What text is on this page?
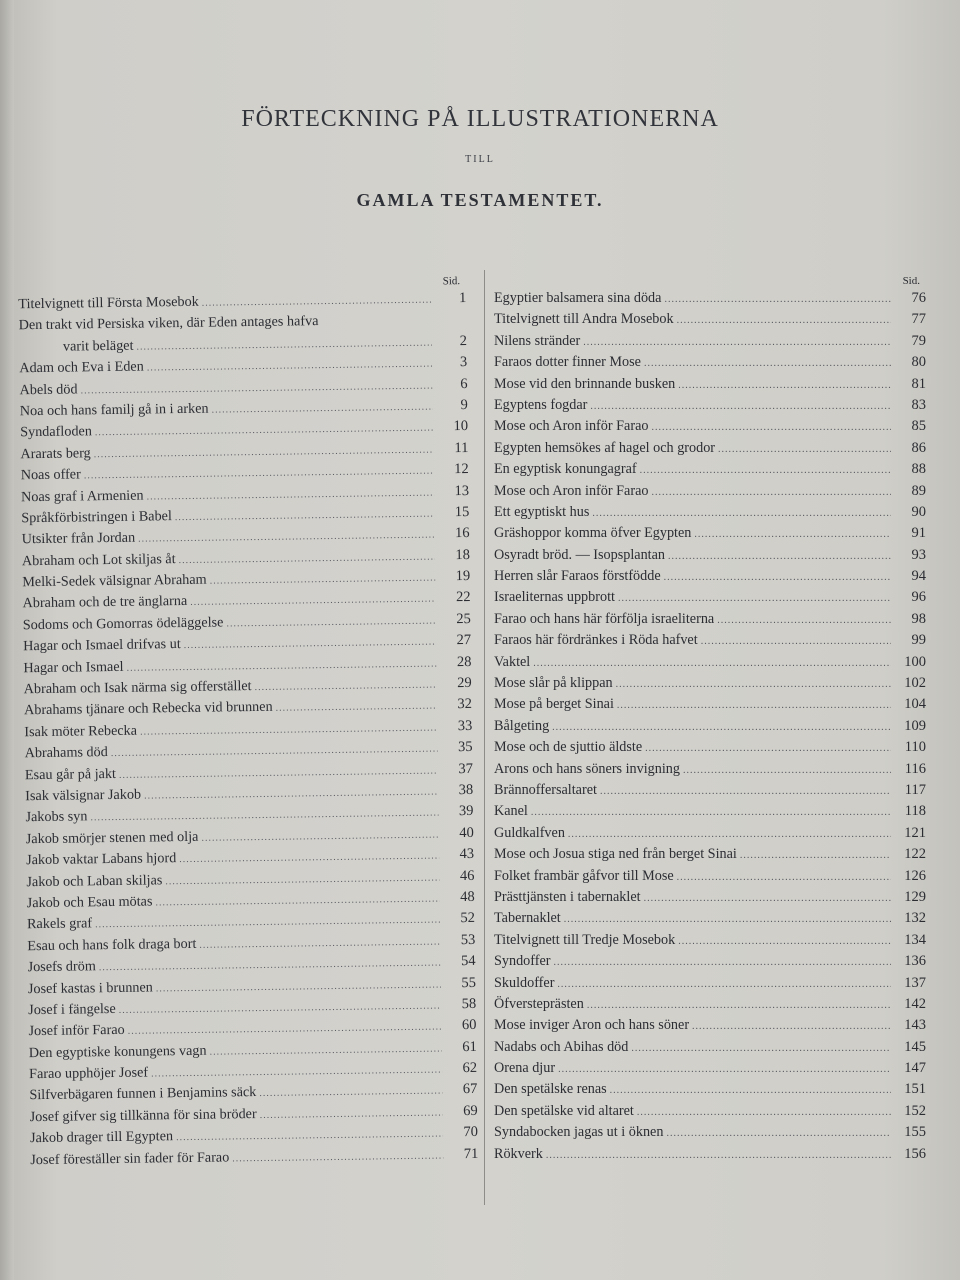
FÖRTECKNING PÅ ILLUSTRATIONERNA
TILL
GAMLA TESTAMENTET.
Sid.
Titelvignett till Första Mosebok .....	1
Den trakt vid Persiska viken, där Eden antages hafva
varit beläget .....	2
Adam och Eva i Eden .....	3
Abels död .....	6
Noa och hans familj gå in i arken .....	9
Syndafloden .....	10
Ararats berg .....	11
Noas offer .....	12
Noas graf i Armenien .....	13
Språkförbistringen i Babel .....	15
Utsikter från Jordan .....	16
Abraham och Lot skiljas åt .....	18
Melki-Sedek välsignar Abraham .....	19
Abraham och de tre änglarna .....	22
Sodoms och Gomorras ödeläggelse .....	25
Hagar och Ismael drifvas ut .....	27
Hagar och Ismael .....	28
Abraham och Isak närma sig offerstället .....	29
Abrahams tjänare och Rebecka vid brunnen .....	32
Isak möter Rebecka .....	33
Abrahams död .....	35
Esau går på jakt .....	37
Isak välsignar Jakob .....	38
Jakobs syn .....	39
Jakob smörjer stenen med olja .....	40
Jakob vaktar Labans hjord .....	43
Jakob och Laban skiljas .....	46
Jakob och Esau mötas .....	48
Rakels graf .....	52
Esau och hans folk draga bort .....	53
Josefs dröm .....	54
Josef kastas i brunnen .....	55
Josef i fängelse .....	58
Josef inför Farao .....	60
Den egyptiske konungens vagn .....	61
Farao upphöjer Josef .....	62
Silfverbägaren funnen i Benjamins säck .....	67
Josef gifver sig tillkänna för sina bröder .....	69
Jakob drager till Egypten .....	70
Josef föreställer sin fader för Farao .....	71
Sid.
Egyptier balsamera sina döda .....	76
Titelvignett till Andra Mosebok .....	77
Nilens stränder .....	79
Faraos dotter finner Mose .....	80
Mose vid den brinnande busken .....	81
Egyptens fogdar .....	83
Mose och Aron inför Farao .....	85
Egypten hemsökes af hagel och grodor .....	86
En egyptisk konungagraf .....	88
Mose och Aron inför Farao .....	89
Ett egyptiskt hus .....	90
Gräshoppor komma öfver Egypten .....	91
Osyradt bröd. — Isopsplantan .....	93
Herren slår Faraos förstfödde .....	94
Israeliternas uppbrott .....	96
Farao och hans här förfölja israeliterna .....	98
Faraos här fördränkes i Röda hafvet .....	99
Vaktel .....	100
Mose slår på klippan .....	102
Mose på berget Sinai .....	104
Bålgeting .....	109
Mose och de sjuttio äldste .....	110
Arons och hans söners invigning .....	116
Brännoffersaltaret .....	117
Kanel .....	118
Guldkalfven .....	121
Mose och Josua stiga ned från berget Sinai .....	122
Folket frambär gåfvor till Mose .....	126
Prästtjänsten i tabernaklet .....	129
Tabernaklet .....	132
Titelvignett till Tredje Mosebok .....	134
Syndoffer .....	136
Skuldoffer .....	137
Öfversteprästen .....	142
Mose inviger Aron och hans söner .....	143
Nadabs och Abihas död .....	145
Orena djur .....	147
Den spetälske renas .....	151
Den spetälske vid altaret .....	152
Syndabocken jagas ut i öknen .....	155
Rökverk .....	156
